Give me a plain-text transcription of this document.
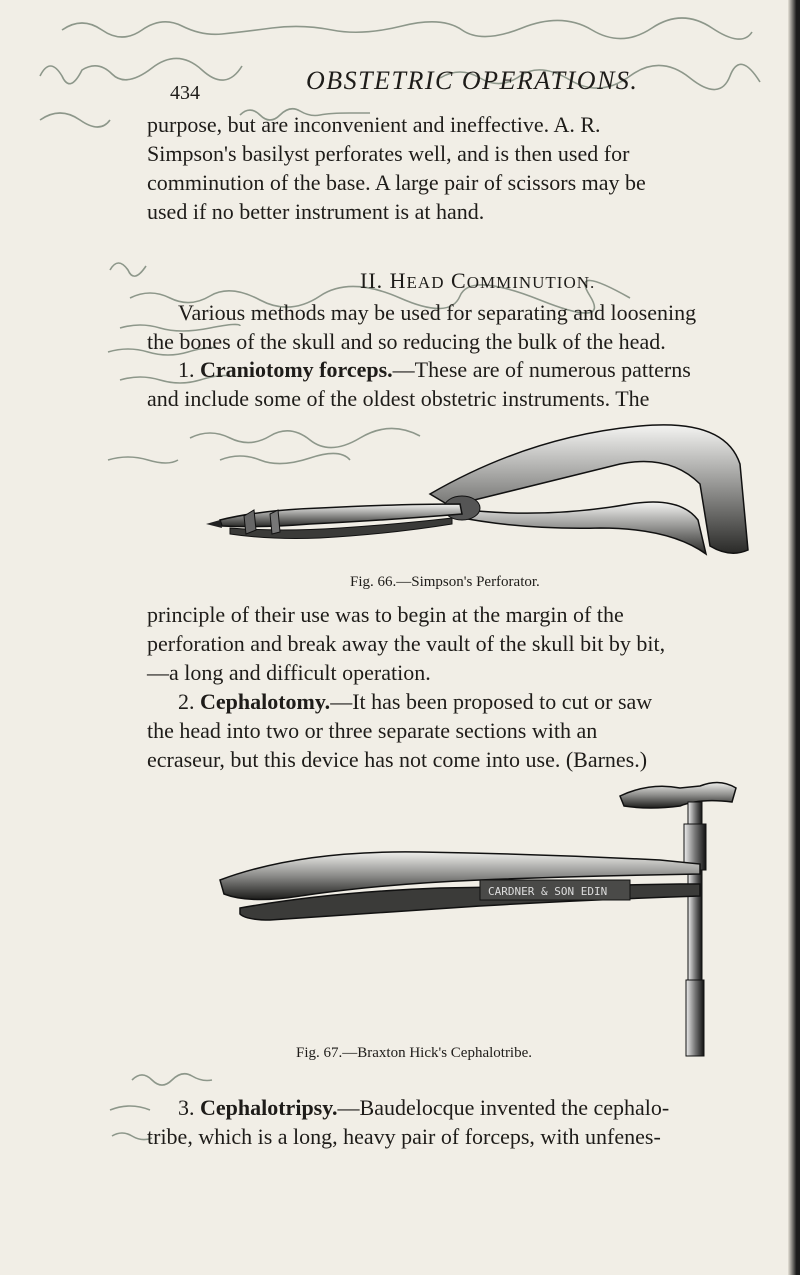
434	OBSTETRIC OPERATIONS.
purpose, but are inconvenient and ineffective. A. R.
Simpson's basilyst perforates well, and is then used for
comminution of the base. A large pair of scissors may be
used if no better instrument is at hand.
II. HEAD COMMINUTION.
Various methods may be used for separating and loosening
the bones of the skull and so reducing the bulk of the head.
1. Craniotomy forceps.—These are of numerous patterns
and include some of the oldest obstetric instruments. The
Fig. 66.—Simpson's Perforator.
principle of their use was to begin at the margin of the
perforation and break away the vault of the skull bit by bit,
—a long and difficult operation.
2. Cephalotomy.—It has been proposed to cut or saw
the head into two or three separate sections with an
ecraseur, but this device has not come into use. (Barnes.)
CARDNER & SON EDIN
Fig. 67.—Braxton Hick's Cephalotribe.
3. Cephalotripsy.—Baudelocque invented the cephalo-
tribe, which is a long, heavy pair of forceps, with unfenes-
